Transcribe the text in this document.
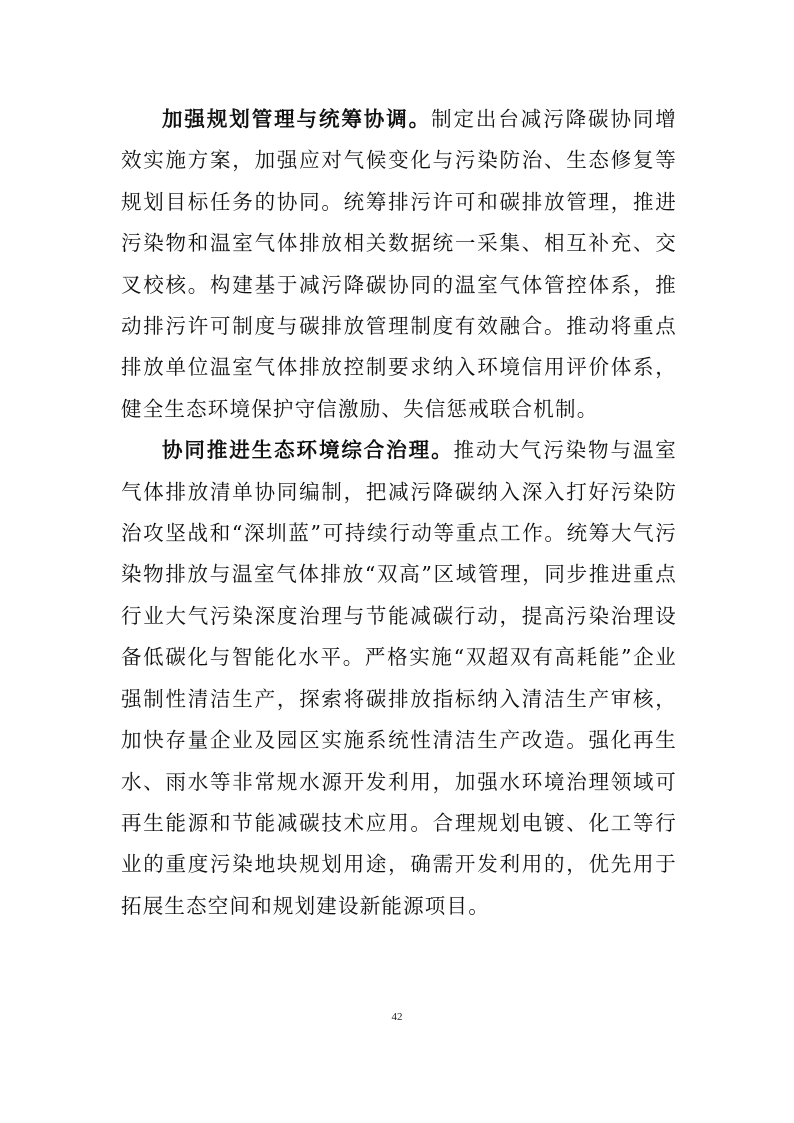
加强规划管理与统筹协调。制定出台减污降碳协同增效实施方案，加强应对气候变化与污染防治、生态修复等规划目标任务的协同。统筹排污许可和碳排放管理，推进污染物和温室气体排放相关数据统一采集、相互补充、交叉校核。构建基于减污降碳协同的温室气体管控体系，推动排污许可制度与碳排放管理制度有效融合。推动将重点排放单位温室气体排放控制要求纳入环境信用评价体系，健全生态环境保护守信激励、失信惩戒联合机制。

协同推进生态环境综合治理。推动大气污染物与温室气体排放清单协同编制，把减污降碳纳入深入打好污染防治攻坚战和“深圳蓝”可持续行动等重点工作。统筹大气污染物排放与温室气体排放“双高”区域管理，同步推进重点行业大气污染深度治理与节能减碳行动，提高污染治理设备低碳化与智能化水平。严格实施“双超双有高耗能”企业强制性清洁生产，探索将碳排放指标纳入清洁生产审核，加快存量企业及园区实施系统性清洁生产改造。强化再生水、雨水等非常规水源开发利用，加强水环境治理领域可再生能源和节能减碳技术应用。合理规划电镀、化工等行业的重度污染地块规划用途，确需开发利用的，优先用于拓展生态空间和规划建设新能源项目。

42
